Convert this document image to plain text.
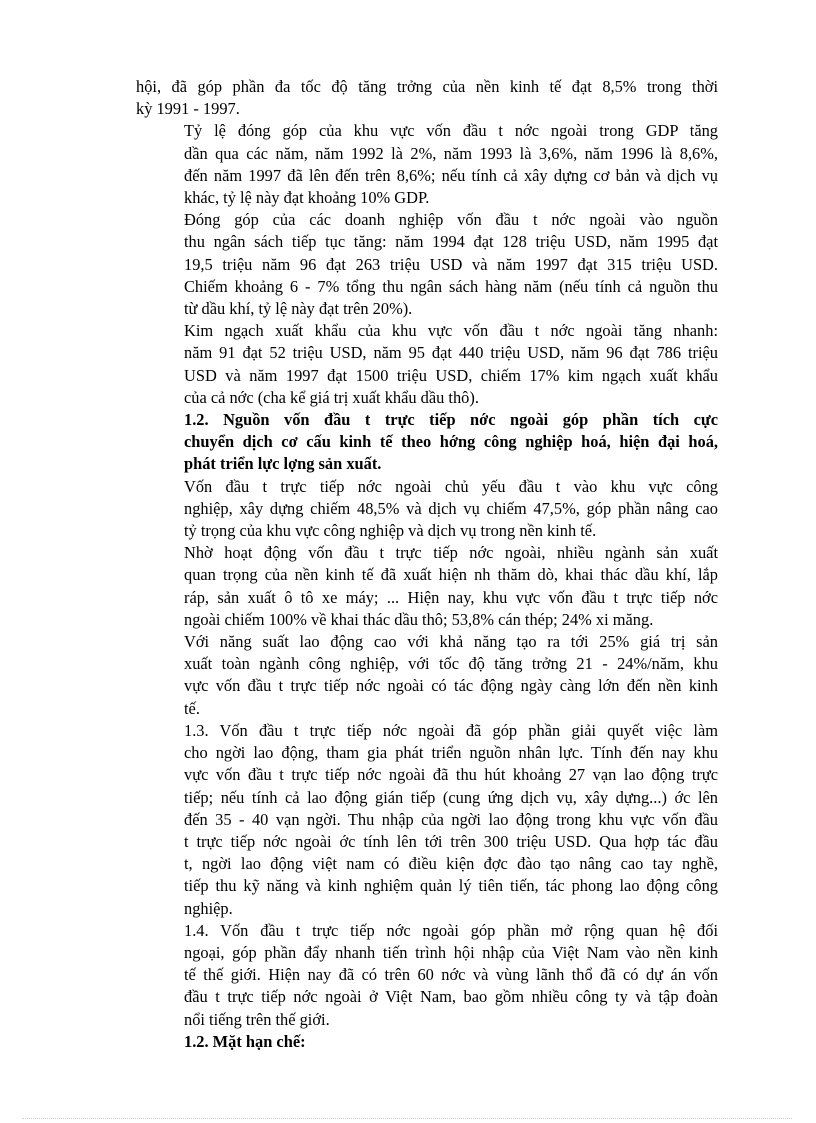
hội, đã góp phần đa tốc độ tăng trởng của nền kinh tế đạt 8,5% trong thời
kỳ 1991 - 1997.

Tỷ lệ đóng góp của khu vực vốn đầu t nớc ngoài trong GDP tăng
dần qua các năm, năm 1992 là 2%, năm 1993 là 3,6%, năm 1996 là 8,6%,
đến năm 1997 đã lên đến trên 8,6%; nếu tính cả xây dựng cơ bản và dịch vụ
khác, tỷ lệ này đạt khoảng 10% GDP.

Đóng góp của các doanh nghiệp vốn đầu t nớc ngoài vào nguồn
thu ngân sách tiếp tục tăng: năm 1994 đạt 128 triệu USD, năm 1995 đạt
19,5 triệu năm 96 đạt 263 triệu USD và năm 1997 đạt 315 triệu USD.
Chiếm khoảng 6 - 7% tổng thu ngân sách hàng năm (nếu tính cả nguồn thu
từ dầu khí, tỷ lệ này đạt trên 20%).

Kim ngạch xuất khẩu của khu vực vốn đầu t nớc ngoài tăng nhanh:
năm 91 đạt 52 triệu USD, năm 95 đạt 440 triệu USD, năm 96 đạt 786 triệu
USD và năm 1997 đạt 1500 triệu USD, chiếm 17% kim ngạch xuất khẩu
của cả nớc (cha kể giá trị xuất khẩu dầu thô).

1.2. Nguồn vốn đầu t trực tiếp nớc ngoài góp phần tích cực
chuyển dịch cơ cấu kinh tế theo hớng công nghiệp hoá, hiện đại hoá,
phát triển lực lợng sản xuất.

Vốn đầu t trực tiếp nớc ngoài chủ yếu đầu t vào khu vực công
nghiệp, xây dựng chiếm 48,5% và dịch vụ chiếm 47,5%, góp phần nâng cao
tỷ trọng của khu vực công nghiệp và dịch vụ trong nền kinh tế.

Nhờ hoạt động vốn đầu t trực tiếp nớc ngoài, nhiều ngành sản xuất
quan trọng của nền kinh tế đã xuất hiện nh thăm dò, khai thác dầu khí, lắp
ráp, sản xuất ô tô xe máy; ... Hiện nay, khu vực vốn đầu t trực tiếp nớc
ngoài chiếm 100% về khai thác dầu thô; 53,8% cán thép; 24% xi măng.

Với năng suất lao động cao với khả năng tạo ra tới 25% giá trị sản
xuất toàn ngành công nghiệp, với tốc độ tăng trởng 21 - 24%/năm, khu
vực vốn đầu t trực tiếp nớc ngoài có tác động ngày càng lớn đến nền kinh
tế.

1.3. Vốn đầu t trực tiếp nớc ngoài đã góp phần giải quyết việc làm
cho ngời lao động, tham gia phát triển nguồn nhân lực. Tính đến nay khu
vực vốn đầu t trực tiếp nớc ngoài đã thu hút khoảng 27 vạn lao động trực
tiếp; nếu tính cả lao động gián tiếp (cung ứng dịch vụ, xây dựng...) ớc lên
đến 35 - 40 vạn ngời. Thu nhập của ngời lao động trong khu vực vốn đầu
t trực tiếp nớc ngoài ớc tính lên tới trên 300 triệu USD. Qua hợp tác đầu
t, ngời lao động việt nam có điều kiện đợc đào tạo nâng cao tay nghề,
tiếp thu kỹ năng và kinh nghiệm quản lý tiên tiến, tác phong lao động công
nghiệp.

1.4. Vốn đầu t trực tiếp nớc ngoài góp phần mở rộng quan hệ đối
ngoại, góp phần đẩy nhanh tiến trình hội nhập của Việt Nam vào nền kinh
tế thế giới. Hiện nay đã có trên 60 nớc và vùng lãnh thổ đã có dự án vốn
đầu t trực tiếp nớc ngoài ở Việt Nam, bao gồm nhiều công ty và tập đoàn
nổi tiếng trên thế giới.

1.2. Mặt hạn chế:
